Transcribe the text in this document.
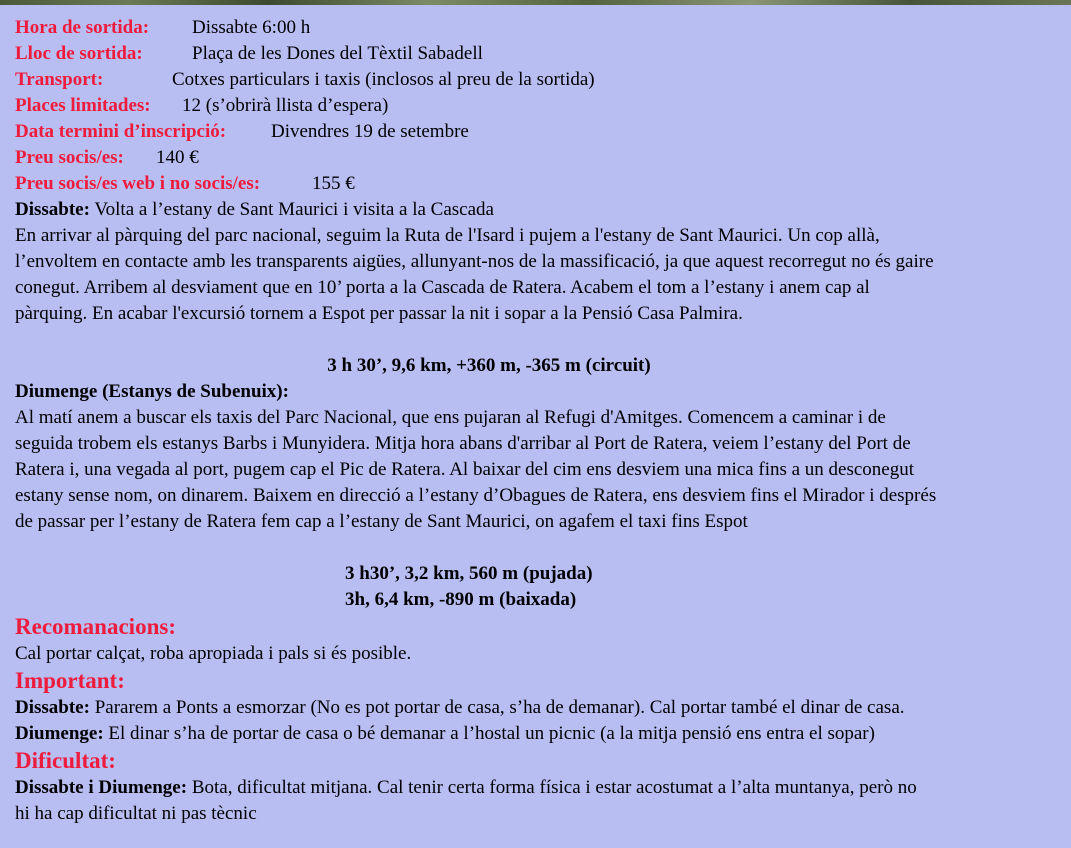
Hora de sortida: Dissabte 6:00 h
Lloc de sortida:	Plaça de les Dones del Tèxtil Sabadell
Transport:	Cotxes particulars i taxis (inclosos al preu de la sortida)
Places limitades: 12 (s’obrirà llista d’espera)
Data termini d’inscripció: Divendres 19 de setembre
Preu socis/es: 140 €
Preu socis/es web i no socis/es:	155 €
Dissabte: Volta a l’estany de Sant Maurici i visita a la Cascada
En arrivar al pàrquing del parc nacional, seguim la Ruta de l'Isard i pujem a l'estany de Sant Maurici. Un cop allà,
l’envoltem en contacte amb les transparents aigües, allunyant-nos de la massificació, ja que aquest recorregut no és gaire
conegut. Arribem al desviament que en 10’ porta a la Cascada de Ratera. Acabem el tom a l’estany i anem cap al
pàrquing. En acabar l'excursió tornem a Espot per passar la nit i sopar a la Pensió Casa Palmira.
3 h 30’, 9,6 km, +360 m, -365 m (circuit)
Diumenge (Estanys de Subenuix):
Al matí anem a buscar els taxis del Parc Nacional, que ens pujaran al Refugi d'Amitges. Comencem a caminar i de
seguida trobem els estanys Barbs i Munyidera. Mitja hora abans d'arribar al Port de Ratera, veiem l’estany del Port de
Ratera i, una vegada al port, pugem cap el Pic de Ratera. Al baixar del cim ens desviem una mica fins a un desconegut
estany sense nom, on dinarem. Baixem en direcció a l’estany d’Obagues de Ratera, ens desviem fins el Mirador i després
de passar per l’estany de Ratera fem cap a l’estany de Sant Maurici, on agafem el taxi fins Espot
3 h30’, 3,2 km, 560 m (pujada)
3h, 6,4 km, -890 m (baixada)
Recomanacions:
Cal portar calçat, roba apropiada i pals si és posible.
Important:
Dissabte: Pararem a Ponts a esmorzar (No es pot portar de casa, s’ha de demanar). Cal portar també el dinar de casa.
Diumenge: El dinar s’ha de portar de casa o bé demanar a l’hostal un picnic (a la mitja pensió ens entra el sopar)
Dificultat:
Dissabte i Diumenge: Bota, dificultat mitjana. Cal tenir certa forma física i estar acostumat a l’alta muntanya, però no
hi ha cap dificultat ni pas tècnic
